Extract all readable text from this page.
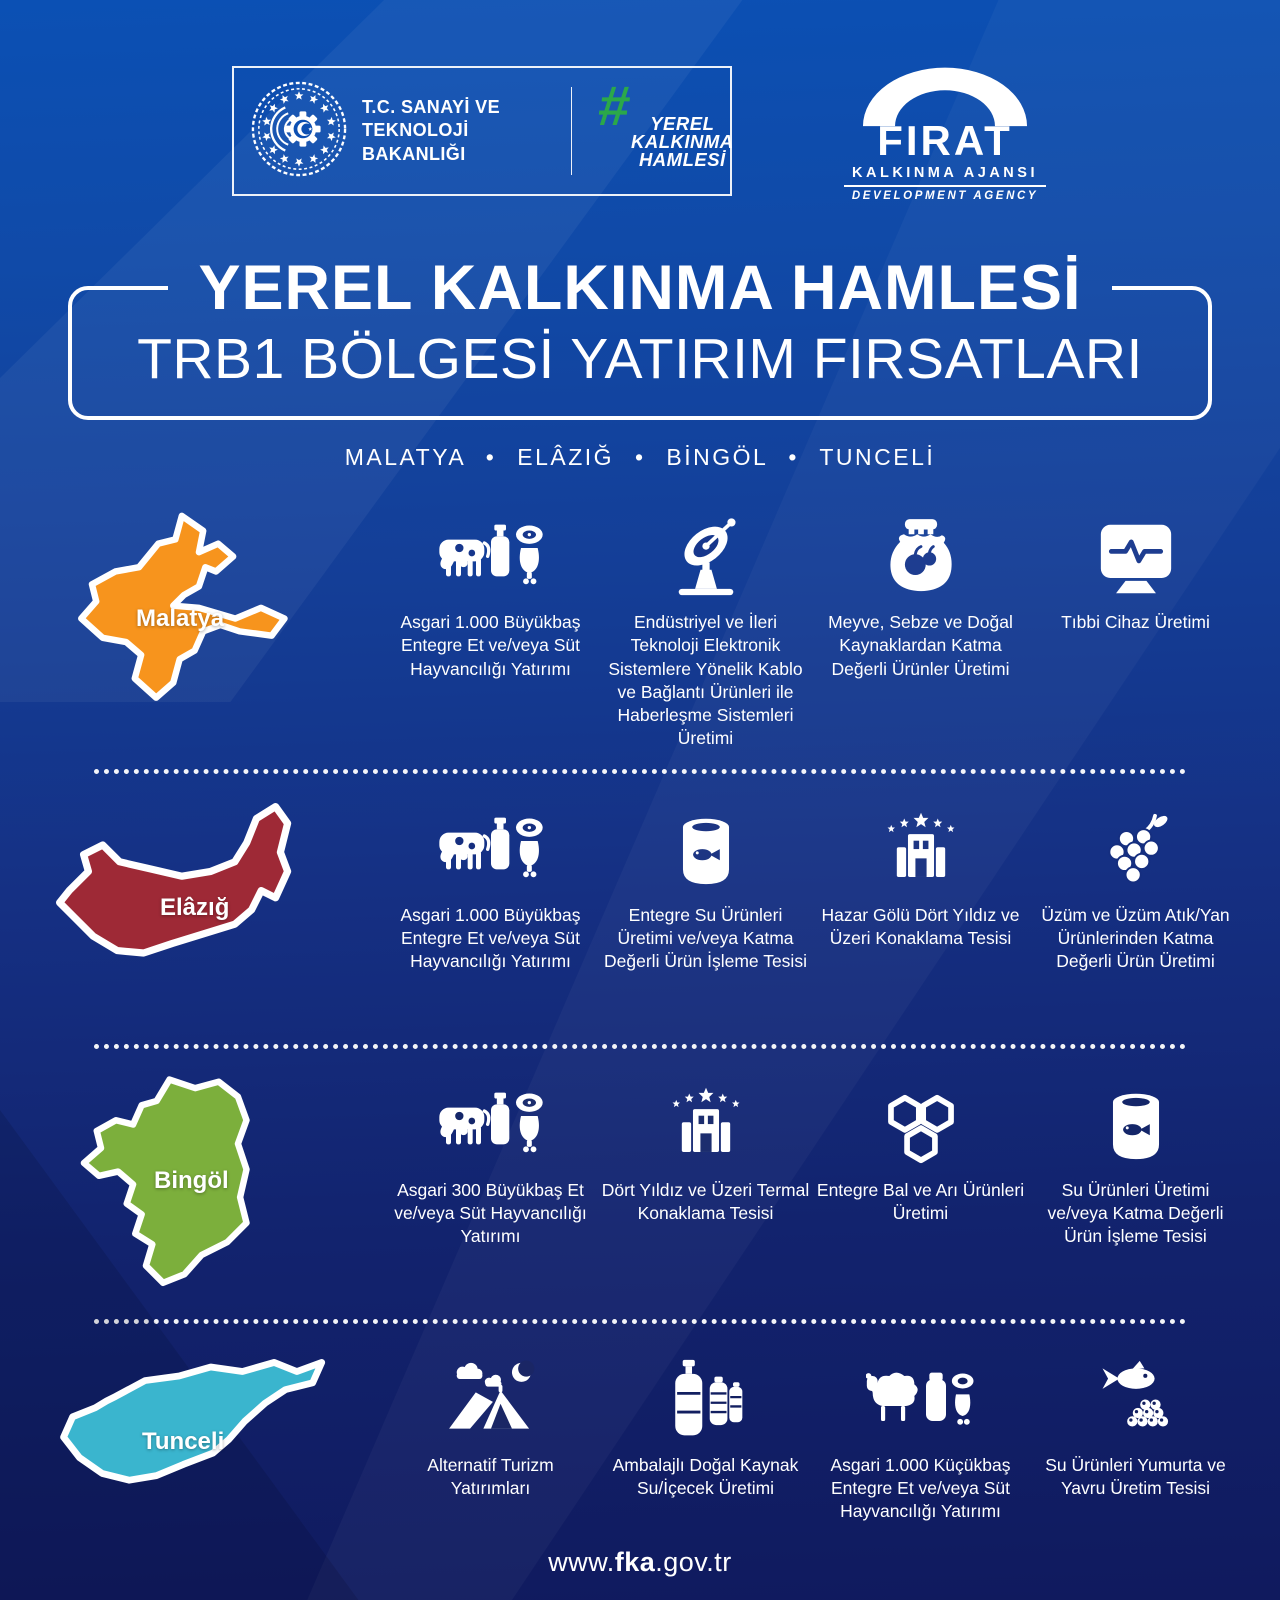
T.C. SANAYİ VE
TEKNOLOJİ BAKANLIĞI
# YEREL
KALKINMA
HAMLESİ	FIRAT
KALKINMA AJANSI
DEVELOPMENT AGENCY
YEREL KALKINMA HAMLESİ
TRB1 BÖLGESİ YATIRIM FIRSATLARI
MALATYA • ELÂZIĞ • BİNGÖL • TUNCELİ
Malatya	Asgari 1.000 Büyükbaş Entegre Et ve/veya Süt Hayvancılığı Yatırımı

Endüstriyel ve İleri Teknoloji Elektronik Sistemlere Yönelik Kablo ve Bağlantı Ürünleri ile Haberleşme Sistemleri Üretimi

Meyve, Sebze ve Doğal Kaynaklardan Katma Değerli Ürünler Üretimi

Tıbbi Cihaz Üretimi

Elâzığ	Asgari 1.000 Büyükbaş Entegre Et ve/veya Süt Hayvancılığı Yatırımı

Entegre Su Ürünleri Üretimi ve/veya Katma Değerli Ürün İşleme Tesisi

Hazar Gölü Dört Yıldız ve Üzeri Konaklama Tesisi

Üzüm ve Üzüm Atık/Yan Ürünlerinden Katma Değerli Ürün Üretimi

Bingöl	Asgari 300 Büyükbaş Et ve/veya Süt Hayvancılığı Yatırımı

Dört Yıldız ve Üzeri Termal Konaklama Tesisi

Entegre Bal ve Arı Ürünleri Üretimi

Su Ürünleri Üretimi ve/veya Katma Değerli Ürün İşleme Tesisi

Tunceli

Alternatif Turizm Yatırımları

Ambalajlı Doğal Kaynak Su/İçecek Üretimi

Asgari 1.000 Küçükbaş Entegre Et ve/veya Süt Hayvancılığı Yatırımı

Su Ürünleri Yumurta ve Yavru Üretim Tesisi

www.fka.gov.tr
